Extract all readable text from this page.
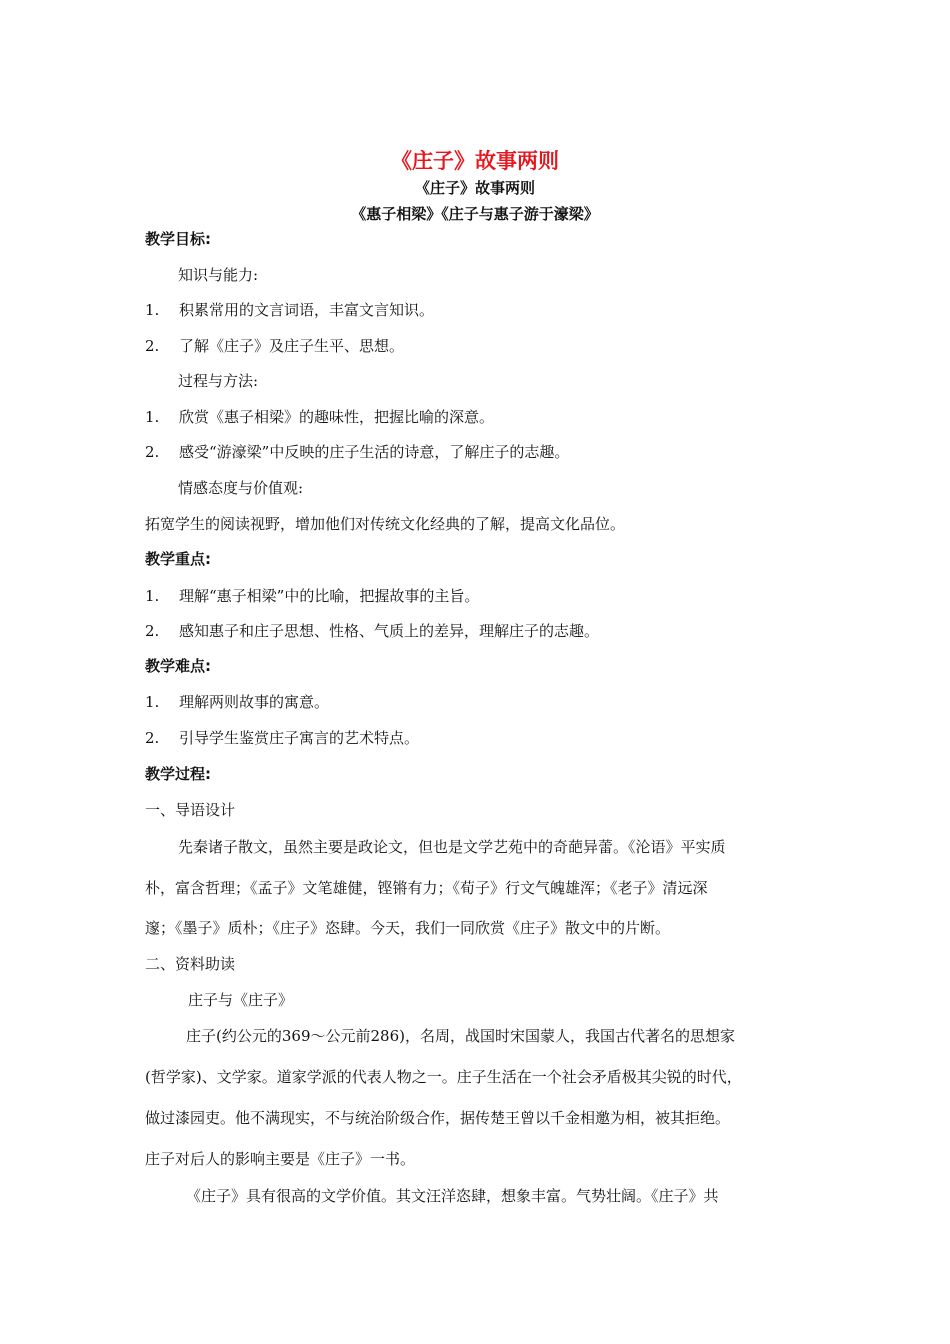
《庄子》故事两则
《庄子》故事两则
《惠子相梁》《庄子与惠子游于濠梁》
教学目标:
知识与能力:
1. 积累常用的文言词语，丰富文言知识。
2. 了解《庄子》及庄子生平、思想。
过程与方法:
1. 欣赏《惠子相梁》的趣味性，把握比喻的深意。
2. 感受“游濠梁”中反映的庄子生活的诗意，了解庄子的志趣。
情感态度与价值观:
拓宽学生的阅读视野，增加他们对传统文化经典的了解，提高文化品位。
教学重点:
1. 理解“惠子相梁”中的比喻，把握故事的主旨。
2. 感知惠子和庄子思想、性格、气质上的差异，理解庄子的志趣。
教学难点:
1. 理解两则故事的寓意。
2. 引导学生鉴赏庄子寓言的艺术特点。
教学过程:
一、导语设计
先秦诸子散文，虽然主要是政论文，但也是文学艺苑中的奇葩异蕾。《沦语》平实质
朴，富含哲理；《孟子》文笔雄健，铿锵有力；《荀子》行文气魄雄浑；《老子》清远深
邃；《墨子》质朴；《庄子》恣肆。今天，我们一同欣赏《庄子》散文中的片断。
二、资料助读
庄子与《庄子》
庄子(约公元的369～公元前286)，名周，战国时宋国蒙人，我国古代著名的思想家
(哲学家)、文学家。道家学派的代表人物之一。庄子生活在一个社会矛盾极其尖锐的时代，
做过漆园吏。他不满现实，不与统治阶级合作，据传楚王曾以千金相邀为相，被其拒绝。
庄子对后人的影响主要是《庄子》一书。
《庄子》具有很高的文学价值。其文汪洋恣肆，想象丰富。气势壮阔。《庄子》共
